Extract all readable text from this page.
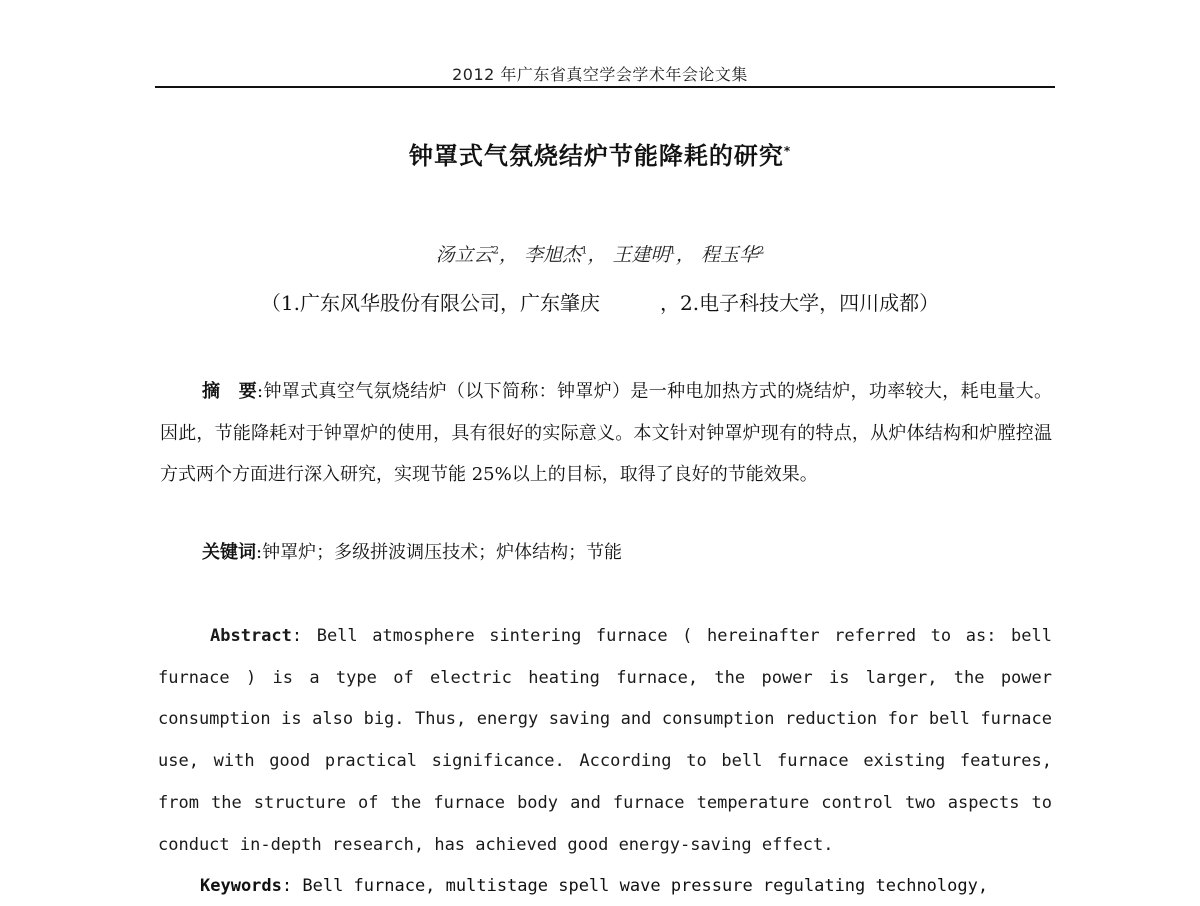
2012 年广东省真空学会学术年会论文集
钟罩式气氛烧结炉节能降耗的研究*
汤立云$^2$， 李旭杰$^1$， 王建明$^1$， 程玉华$^2$
（1.广东风华股份有限公司，广东肇庆　　　，2.电子科技大学，四川成都）
摘　要:钟罩式真空气氛烧结炉（以下简称：钟罩炉）是一种电加热方式的烧结炉，功率较大，耗电量大。因此，节能降耗对于钟罩炉的使用，具有很好的实际意义。本文针对钟罩炉现有的特点，从炉体结构和炉膛控温方式两个方面进行深入研究，实现节能 25%以上的目标，取得了良好的节能效果。
关键词:钟罩炉；多级拼波调压技术；炉体结构；节能
Abstract: Bell atmosphere sintering furnace ( hereinafter referred to as: bell furnace ) is a type of electric heating furnace, the power is larger, the power consumption is also big. Thus, energy saving and consumption reduction for bell furnace use, with good practical significance. According to bell furnace existing features, from the structure of the furnace body and furnace temperature control two aspects to conduct in-depth research, has achieved good energy-saving effect.
Keywords: Bell furnace, multistage spell wave pressure regulating technology,
